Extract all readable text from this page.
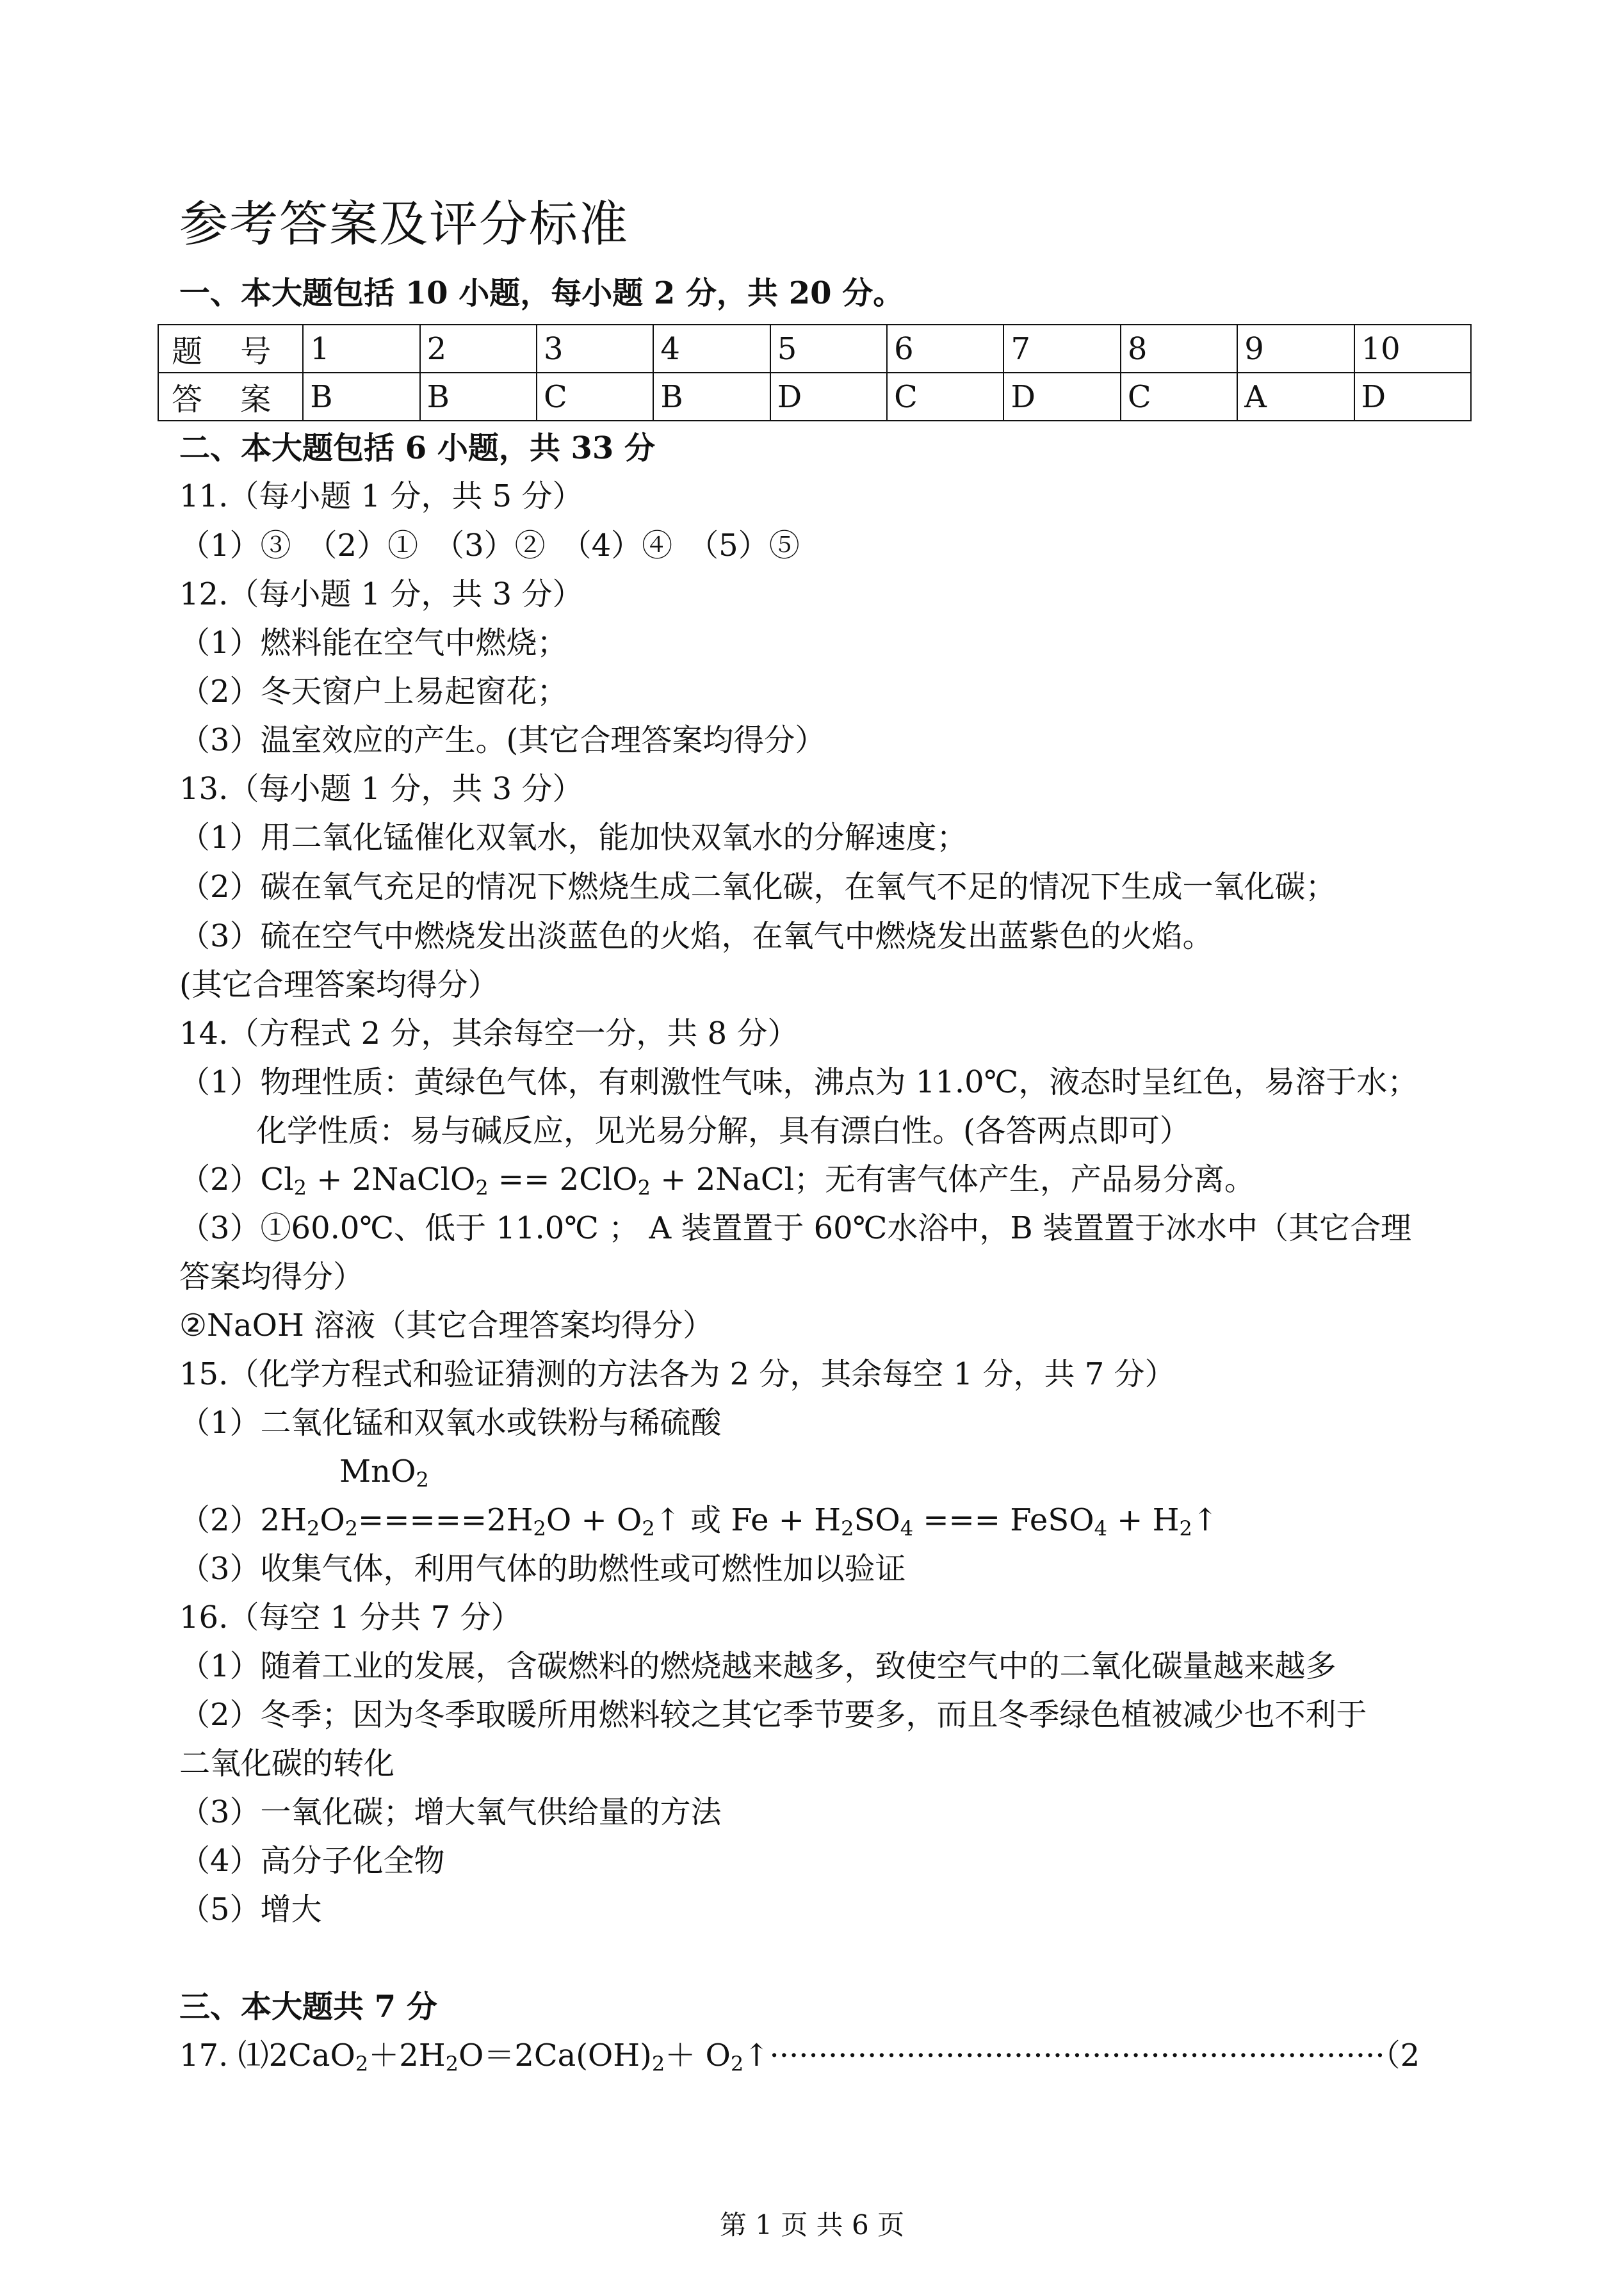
参考答案及评分标准
一、本大题包括 10 小题，每小题 2 分，共 20 分。
题 号	1	2	3	4	5	6	7	8	9	10
答 案	B	B	C	B	D	C	D	C	A	D
二、本大题包括 6 小题，共 33 分
11.（每小题 1 分，共 5 分）
（1）③　（2）①　（3）②　（4）④　（5）⑤
12.（每小题 1 分，共 3 分）
（1）燃料能在空气中燃烧；
（2）冬天窗户上易起窗花；
（3）温室效应的产生。(其它合理答案均得分）
13.（每小题 1 分，共 3 分）
（1）用二氧化锰催化双氧水，能加快双氧水的分解速度；
（2）碳在氧气充足的情况下燃烧生成二氧化碳，在氧气不足的情况下生成一氧化碳；
（3）硫在空气中燃烧发出淡蓝色的火焰，在氧气中燃烧发出蓝紫色的火焰。
(其它合理答案均得分）
14.（方程式 2 分，其余每空一分，共 8 分）
（1）物理性质：黄绿色气体，有刺激性气味，沸点为 11.0℃，液态时呈红色，易溶于水；
化学性质：易与碱反应，见光易分解，具有漂白性。(各答两点即可）
$(2)Cl_2$ + 2NaClO$_2$ == 2ClO$_2$ + 2NaCl；无有害气体产生，产品易分离。
（3）①60.0℃、低于 11.0℃ ； A 装置置于 60℃水浴中，B 装置置于冰水中（其它合理
答案均得分）
②NaOH 溶液（其它合理答案均得分）
15.（化学方程式和验证猜测的方法各为 2 分，其余每空 1 分，共 7 分）
（1）二氧化锰和双氧水或铁粉与稀硫酸
MnO$_2$
$(2)2H_2O_2=====2H_2O$ + $O_2↑$ 或 $Fe + H_2SO_4$ === FeSO$_4$ + $H_2↑$
（3）收集气体，利用气体的助燃性或可燃性加以验证
16.（每空 1 分共 7 分）
（1）随着工业的发展，含碳燃料的燃烧越来越多，致使空气中的二氧化碳量越来越多
（2）冬季；因为冬季取暖所用燃料较之其它季节要多，而且冬季绿色植被减少也不利于
二氧化碳的转化
（3）一氧化碳；增大氧气供给量的方法
（4）高分子化全物
（5）增大
三、本大题共 7 分
17. $⑴2CaO_2+2H_2O=2Ca(OH)_2+$ $O_2↑\cdot\cdot\cdot\cdot\cdot\cdot\cdot\cdot\cdot\cdot\cdot\cdot\cdot\cdot\cdot\cdot\cdot\cdot\cdot\cdot\cdot\cdot\cdot\cdot\cdot\cdot\cdot\cdot\cdot\cdot\cdot\cdot\cdot\cdot\cdot\cdot\cdot\cdot\cdot\cdot\cdot\cdot\cdot\cdot\cdot\cdot\cdot\cdot\cdot\cdot\cdot\cdot\cdot\cdot\cdot\cdot\cdot\cdot\cdot\cdot\cdot\cdot\cdot(2$
第 1 页 共 6 页
